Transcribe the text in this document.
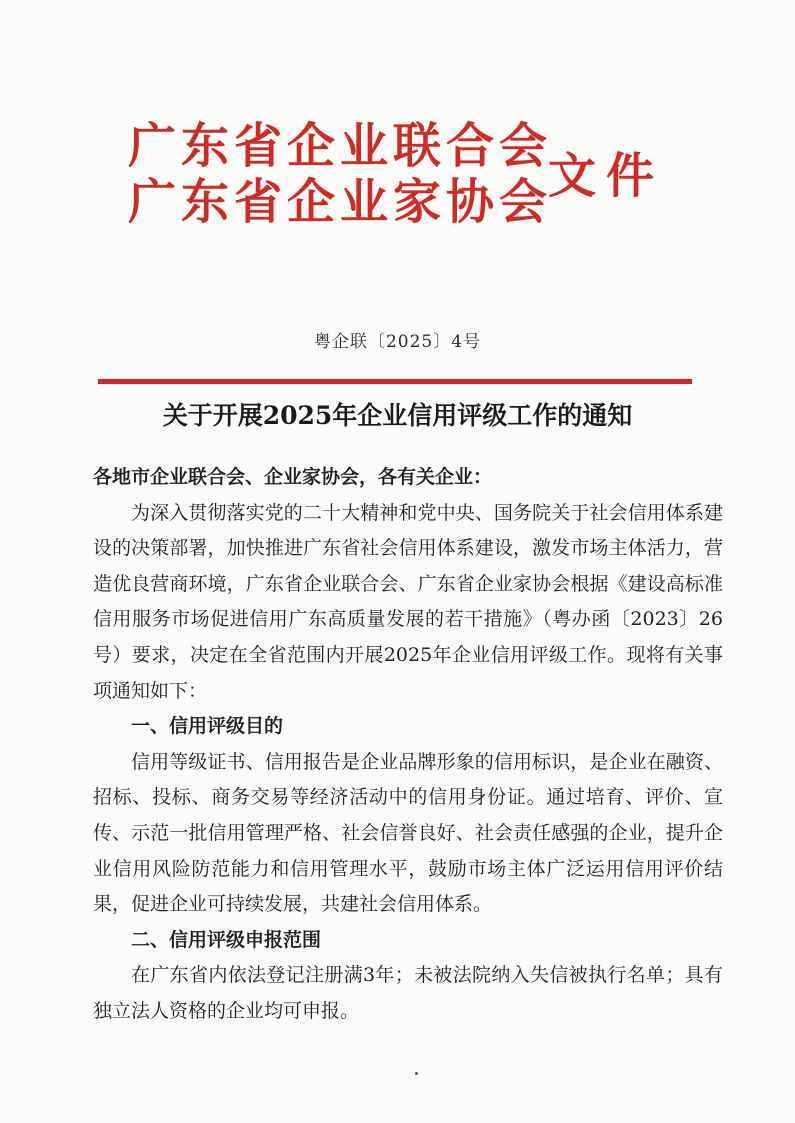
广东省企业联合会
广东省企业家协会
文件
粤企联〔2025〕4号
关于开展2025年企业信用评级工作的通知

各地市企业联合会、企业家协会，各有关企业：

为深入贯彻落实党的二十大精神和党中央、国务院关于社会信用体系建设的决策部署，加快推进广东省社会信用体系建设，激发市场主体活力，营造优良营商环境，广东省企业联合会、广东省企业家协会根据《建设高标准信用服务市场促进信用广东高质量发展的若干措施》（粤办函〔2023〕26号）要求，决定在全省范围内开展2025年企业信用评级工作。现将有关事项通知如下：

一、信用评级目的

信用等级证书、信用报告是企业品牌形象的信用标识，是企业在融资、招标、投标、商务交易等经济活动中的信用身份证。通过培育、评价、宣传、示范一批信用管理严格、社会信誉良好、社会责任感强的企业，提升企业信用风险防范能力和信用管理水平，鼓励市场主体广泛运用信用评价结果，促进企业可持续发展，共建社会信用体系。

二、信用评级申报范围

在广东省内依法登记注册满3年；未被法院纳入失信被执行名单；具有独立法人资格的企业均可申报。
